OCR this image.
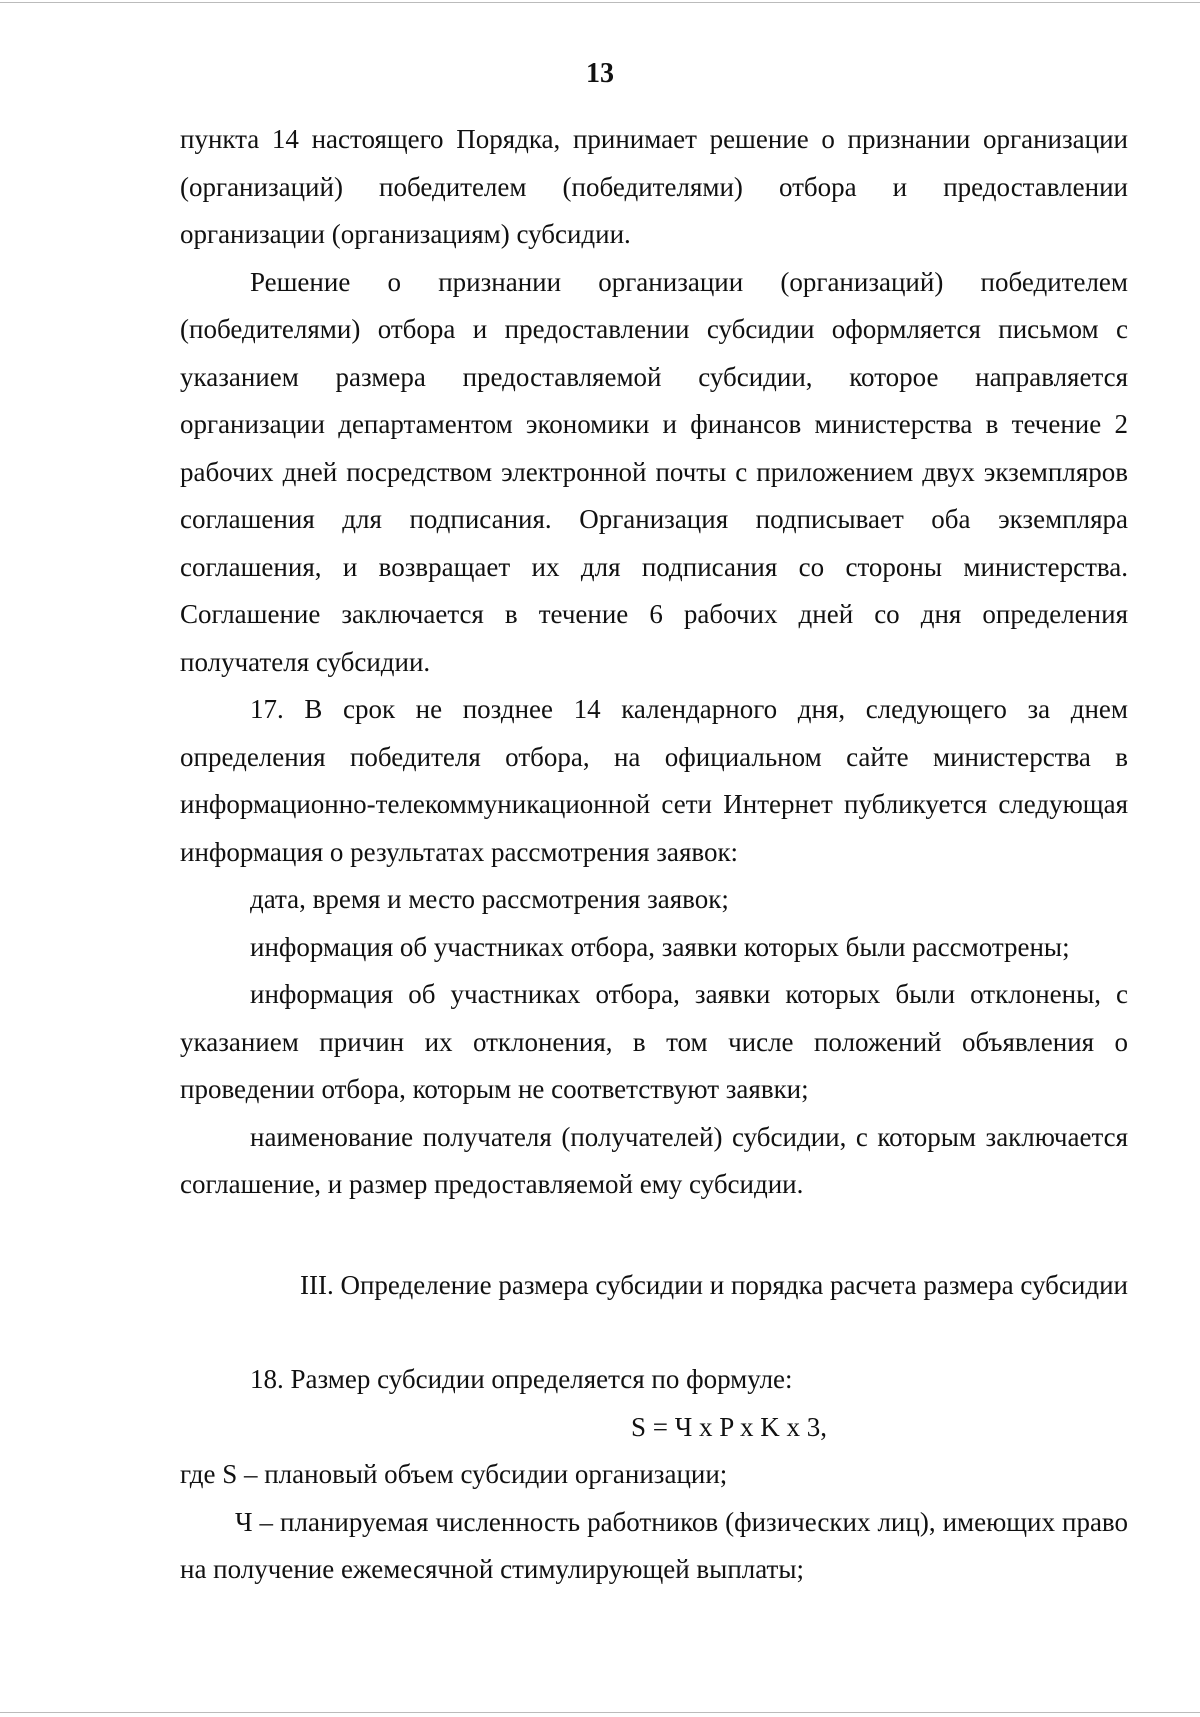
13

пункта 14 настоящего Порядка, принимает решение о признании организации (организаций) победителем (победителями) отбора и предоставлении организации (организациям) субсидии.

Решение о признании организации (организаций) победителем (победителями) отбора и предоставлении субсидии оформляется письмом с указанием размера предоставляемой субсидии, которое направляется организации департаментом экономики и финансов министерства в течение 2 рабочих дней посредством электронной почты с приложением двух экземпляров соглашения для подписания. Организация подписывает оба экземпляра соглашения, и возвращает их для подписания со стороны министерства. Соглашение заключается в течение 6 рабочих дней со дня определения получателя субсидии.

17. В срок не позднее 14 календарного дня, следующего за днем определения победителя отбора, на официальном сайте министерства в информационно-телекоммуникационной сети Интернет публикуется следующая информация о результатах рассмотрения заявок:

дата, время и место рассмотрения заявок;

информация об участниках отбора, заявки которых были рассмотрены;

информация об участниках отбора, заявки которых были отклонены, с указанием причин их отклонения, в том числе положений объявления о проведении отбора, которым не соответствуют заявки;

наименование получателя (получателей) субсидии, с которым заключается соглашение, и размер предоставляемой ему субсидии.

III. Определение размера субсидии и порядка расчета размера субсидии

18. Размер субсидии определяется по формуле:

S = Ч x P x K x 3,

где S – плановый объем субсидии организации;

Ч – планируемая численность работников (физических лиц), имеющих право на получение ежемесячной стимулирующей выплаты;
